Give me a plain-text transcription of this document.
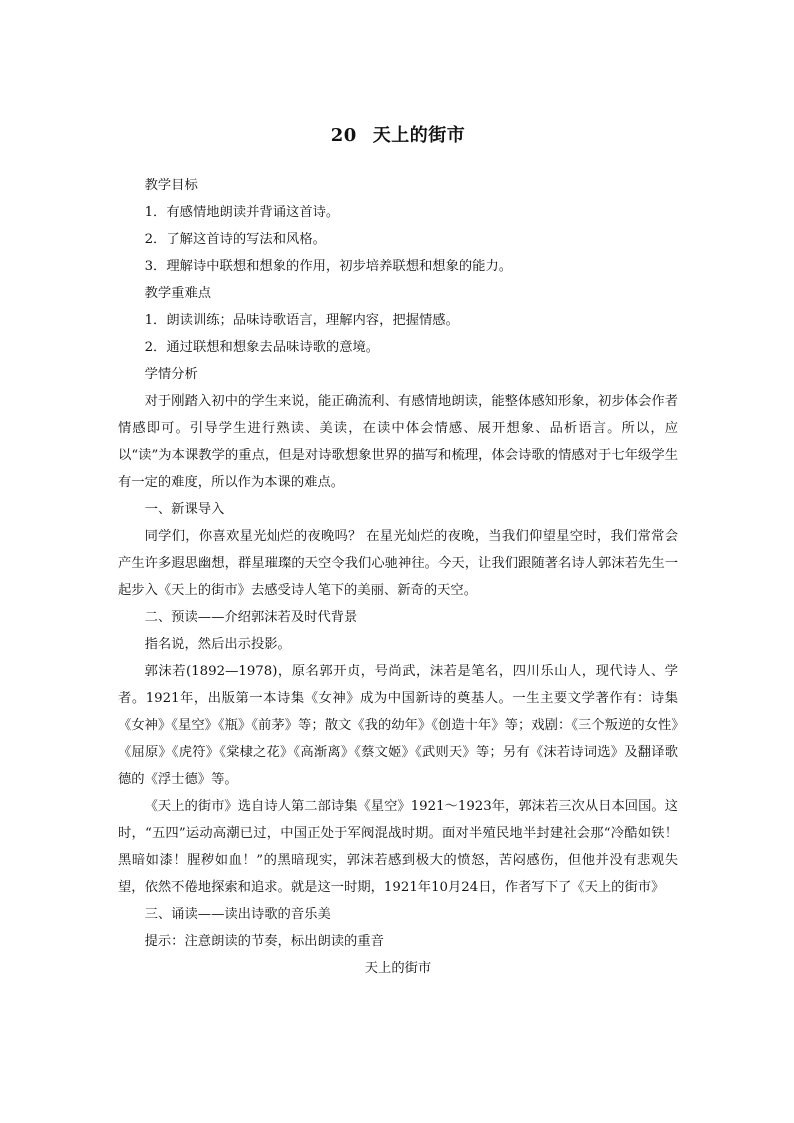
20 天上的街市

教学目标

1．有感情地朗读并背诵这首诗。

2．了解这首诗的写法和风格。

3．理解诗中联想和想象的作用，初步培养联想和想象的能力。

教学重难点

1．朗读训练；品味诗歌语言，理解内容，把握情感。

2．通过联想和想象去品味诗歌的意境。

学情分析

对于刚踏入初中的学生来说，能正确流利、有感情地朗读，能整体感知形象，初步体会作者情感即可。引导学生进行熟读、美读，在读中体会情感、展开想象、品析语言。所以，应以“读”为本课教学的重点，但是对诗歌想象世界的描写和梳理，体会诗歌的情感对于七年级学生有一定的难度，所以作为本课的难点。

一、新课导入

同学们，你喜欢星光灿烂的夜晚吗？ 在星光灿烂的夜晚，当我们仰望星空时，我们常常会产生许多遐思幽想，群星璀璨的天空令我们心驰神往。今天，让我们跟随著名诗人郭沫若先生一起步入《天上的街市》去感受诗人笔下的美丽、新奇的天空。

二、预读——介绍郭沫若及时代背景

指名说，然后出示投影。

郭沫若(1892—1978)，原名郭开贞，号尚武，沫若是笔名，四川乐山人，现代诗人、学者。1921年，出版第一本诗集《女神》成为中国新诗的奠基人。一生主要文学著作有：诗集《女神》《星空》《瓶》《前茅》等；散文《我的幼年》《创造十年》等；戏剧：《三个叛逆的女性》《屈原》《虎符》《棠棣之花》《高渐离》《蔡文姬》《武则天》等；另有《沫若诗词选》及翻译歌德的《浮士德》等。

《天上的街市》选自诗人第二部诗集《星空》1921～1923年，郭沫若三次从日本回国。这时，“五四”运动高潮已过，中国正处于军阀混战时期。面对半殖民地半封建社会那“冷酷如铁！黑暗如漆！腥秽如血！”的黑暗现实，郭沫若感到极大的愤怒，苦闷感伤，但他并没有悲观失望，依然不倦地探索和追求。就是这一时期，1921年10月24日，作者写下了《天上的街市》

三、诵读——读出诗歌的音乐美

提示：注意朗读的节奏，标出朗读的重音

天上的街市
